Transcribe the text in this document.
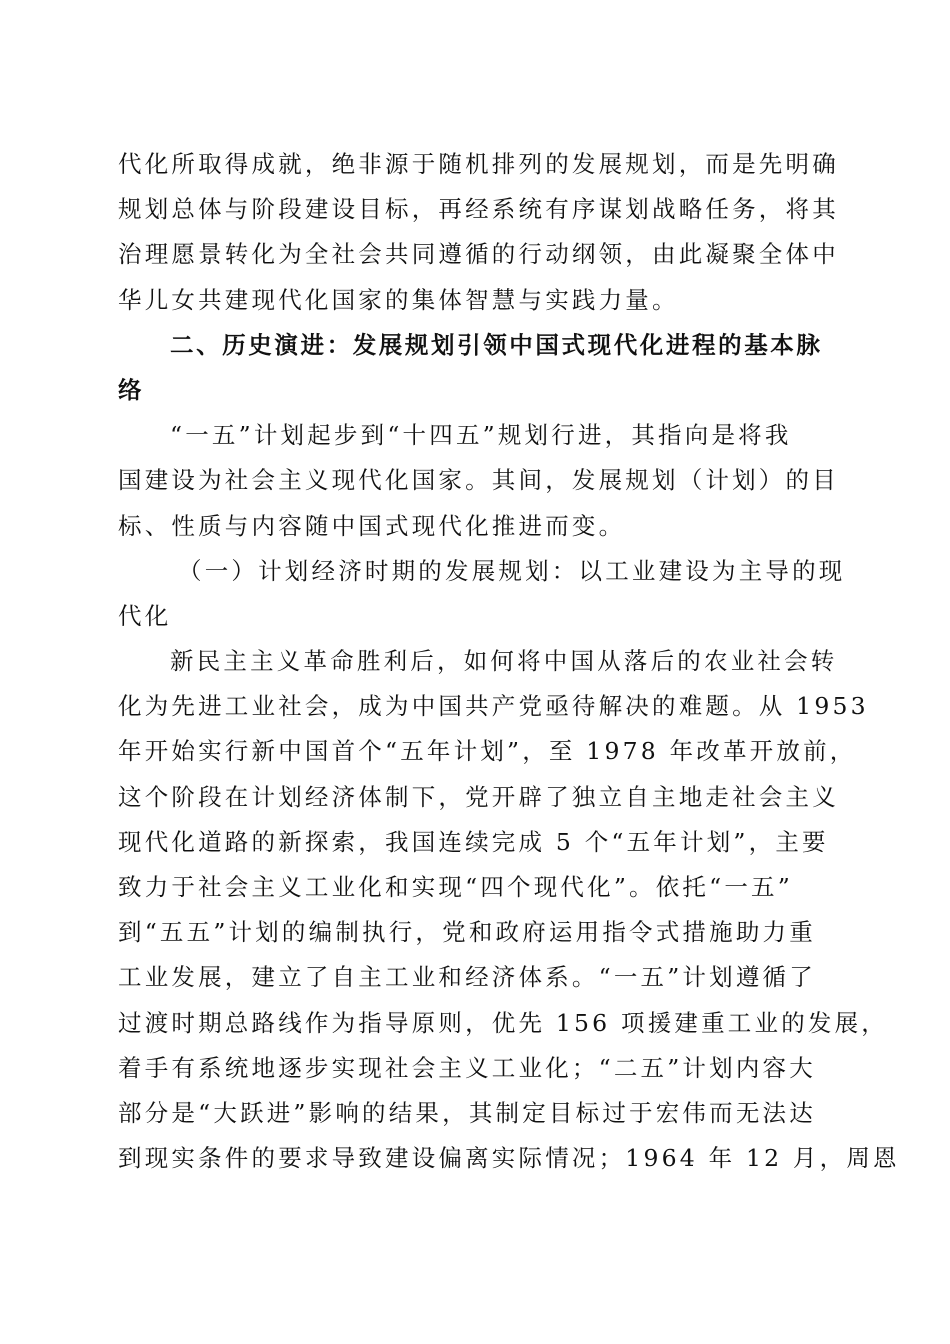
代化所取得成就，绝非源于随机排列的发展规划，而是先明确
规划总体与阶段建设目标，再经系统有序谋划战略任务，将其
治理愿景转化为全社会共同遵循的行动纲领，由此凝聚全体中
华儿女共建现代化国家的集体智慧与实践力量。
二、历史演进：发展规划引领中国式现代化进程的基本脉
络
“一五”计划起步到“十四五”规划行进，其指向是将我
国建设为社会主义现代化国家。其间，发展规划（计划）的目
标、性质与内容随中国式现代化推进而变。
（一）计划经济时期的发展规划：以工业建设为主导的现
代化
新民主主义革命胜利后，如何将中国从落后的农业社会转
化为先进工业社会，成为中国共产党亟待解决的难题。从 1953
年开始实行新中国首个“五年计划”，至 1978 年改革开放前，
这个阶段在计划经济体制下，党开辟了独立自主地走社会主义
现代化道路的新探索，我国连续完成 5 个“五年计划”，主要
致力于社会主义工业化和实现“四个现代化”。依托“一五”
到“五五”计划的编制执行，党和政府运用指令式措施助力重
工业发展，建立了自主工业和经济体系。“一五”计划遵循了
过渡时期总路线作为指导原则，优先 156 项援建重工业的发展，
着手有系统地逐步实现社会主义工业化；“二五”计划内容大
部分是“大跃进”影响的结果，其制定目标过于宏伟而无法达
到现实条件的要求导致建设偏离实际情况；1964 年 12 月，周恩
